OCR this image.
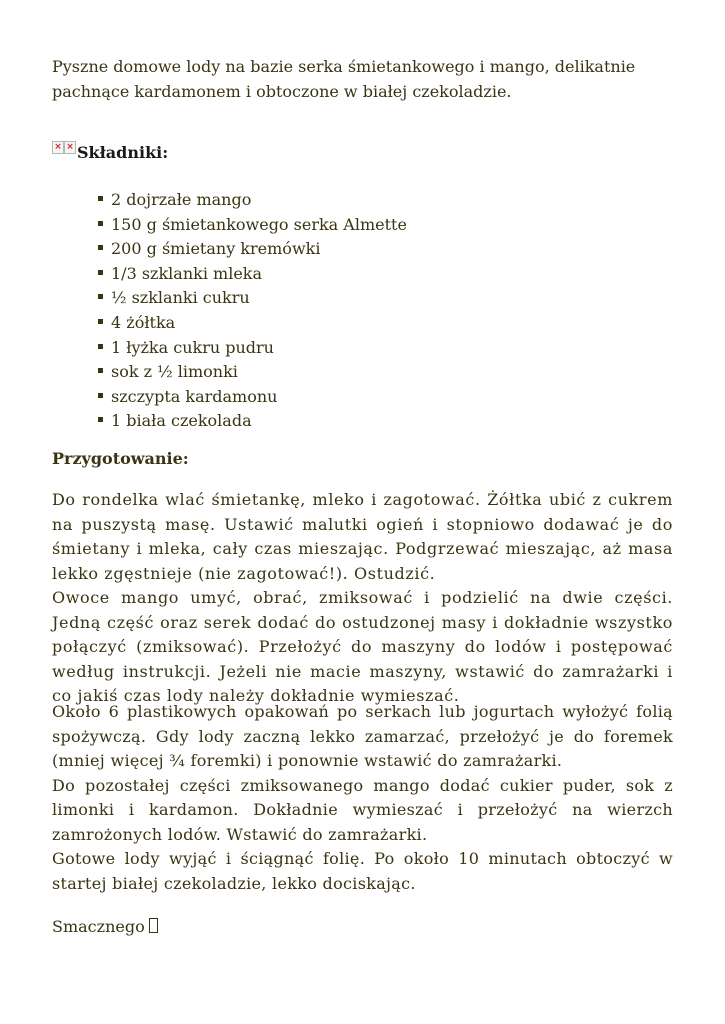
Pyszne domowe lody na bazie serka śmietankowego i mango, delikatnie pachnące kardamonem i obtoczone w białej czekoladzie.

× × Składniki:
2 dojrzałe mango
150 g śmietankowego serka Almette
200 g śmietany kremówki
1/3 szklanki mleka
½ szklanki cukru
4 żółtka
1 łyżka cukru pudru
sok z ½ limonki
szczypta kardamonu
1 biała czekolada

Przygotowanie:

Do rondelka wlać śmietankę, mleko i zagotować. Żółtka ubić z cukrem na puszystą masę. Ustawić malutki ogień i stopniowo dodawać je do śmietany i mleka, cały czas mieszając. Podgrzewać mieszając, aż masa lekko zgęstnieje (nie zagotować!). Ostudzić.
Owoce mango umyć, obrać, zmiksować i podzielić na dwie części. Jedną część oraz serek dodać do ostudzonej masy i dokładnie wszystko połączyć (zmiksować). Przełożyć do maszyny do lodów i postępować według instrukcji. Jeżeli nie macie maszyny, wstawić do zamrażarki i co jakiś czas lody należy dokładnie wymieszać.
Około 6 plastikowych opakowań po serkach lub jogurtach wyłożyć folią spożywczą. Gdy lody zaczną lekko zamarzać, przełożyć je do foremek (mniej więcej ¾ foremki) i ponownie wstawić do zamrażarki.
Do pozostałej części zmiksowanego mango dodać cukier puder, sok z limonki i kardamon. Dokładnie wymieszać i przełożyć na wierzch zamrożonych lodów. Wstawić do zamrażarki.
Gotowe lody wyjąć i ściągnąć folię. Po około 10 minutach obtoczyć w startej białej czekoladzie, lekko dociskając.

Smacznego
